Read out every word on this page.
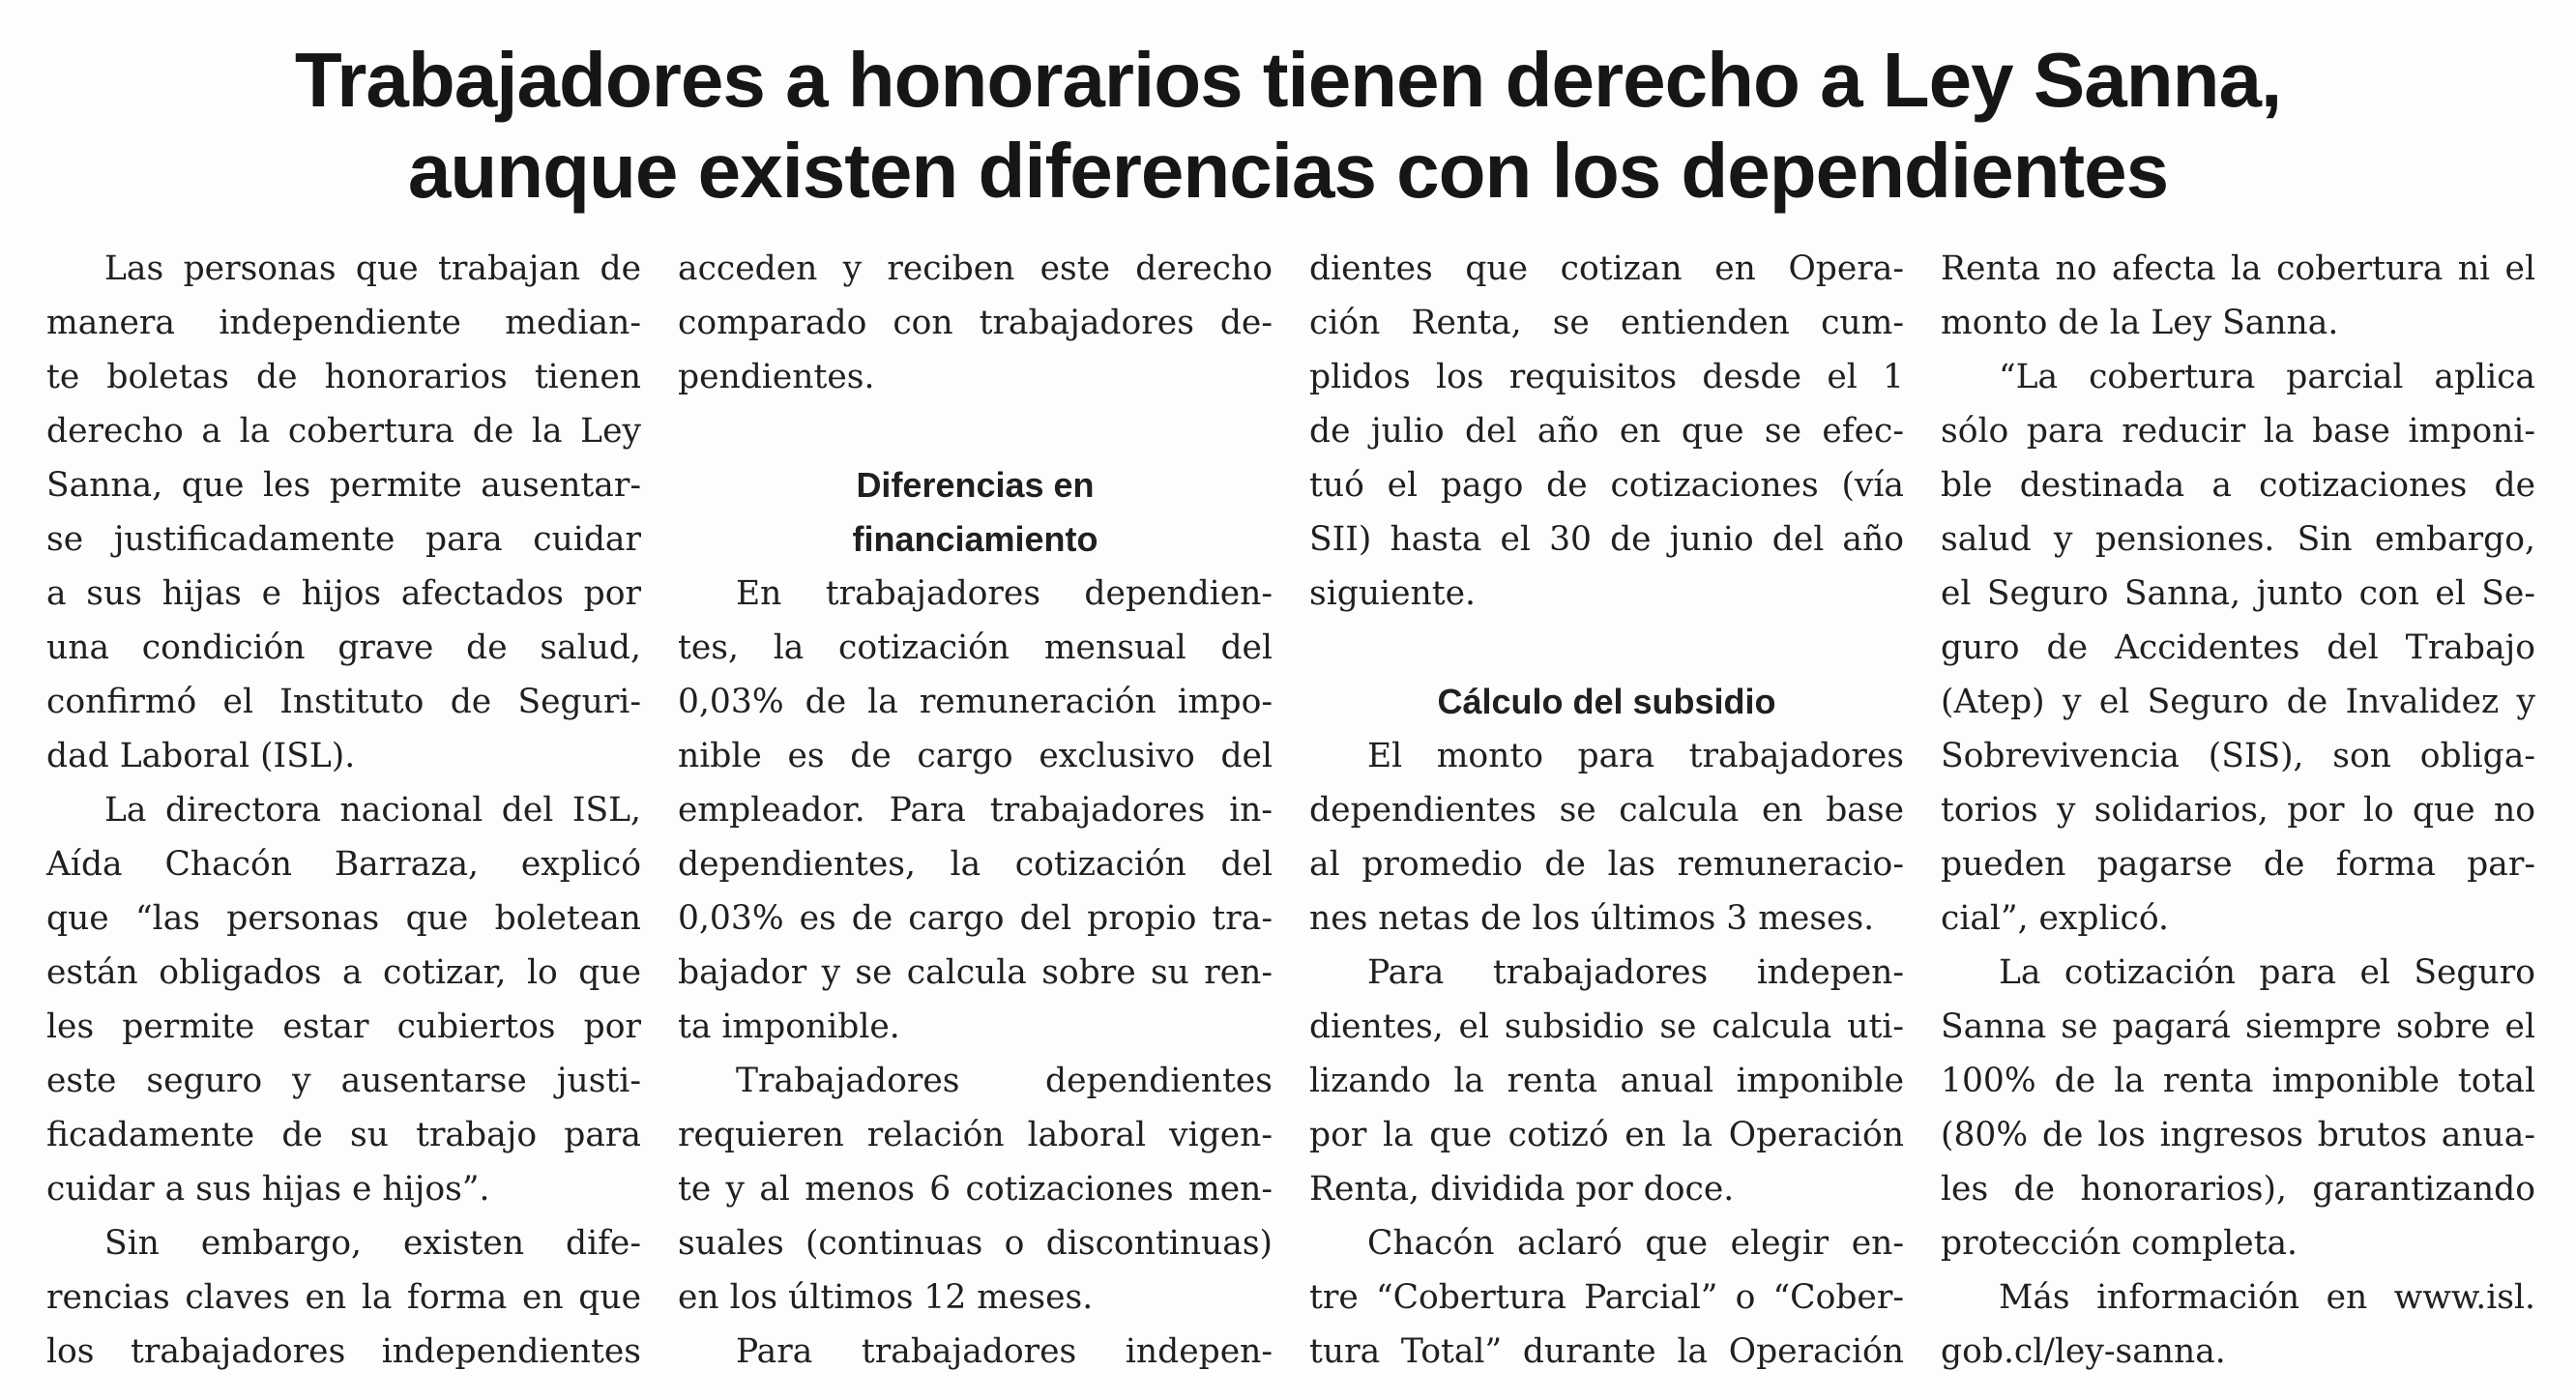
Trabajadores a honorarios tienen derecho a Ley Sanna,
aunque existen diferencias con los dependientes
Las personas que trabajan de
manera independiente median-
te boletas de honorarios tienen
derecho a la cobertura de la Ley
Sanna, que les permite ausentar-
se justificadamente para cuidar
a sus hijas e hijos afectados por
una condición grave de salud,
confirmó el Instituto de Seguri-
dad Laboral (ISL).
La directora nacional del ISL,
Aída Chacón Barraza, explicó
que “las personas que boletean
están obligados a cotizar, lo que
les permite estar cubiertos por
este seguro y ausentarse justi-
ficadamente de su trabajo para
cuidar a sus hijas e hijos”.
Sin embargo, existen dife-
rencias claves en la forma en que
los trabajadores independientes
acceden y reciben este derecho
comparado con trabajadores de-
pendientes.
Diferencias en
financiamiento
En trabajadores dependien-
tes, la cotización mensual del
0,03% de la remuneración impo-
nible es de cargo exclusivo del
empleador. Para trabajadores in-
dependientes, la cotización del
0,03% es de cargo del propio tra-
bajador y se calcula sobre su ren-
ta imponible.
Trabajadores dependientes
requieren relación laboral vigen-
te y al menos 6 cotizaciones men-
suales (continuas o discontinuas)
en los últimos 12 meses.
Para trabajadores indepen-
dientes que cotizan en Opera-
ción Renta, se entienden cum-
plidos los requisitos desde el 1
de julio del año en que se efec-
tuó el pago de cotizaciones (vía
SII) hasta el 30 de junio del año
siguiente.
Cálculo del subsidio
El monto para trabajadores
dependientes se calcula en base
al promedio de las remuneracio-
nes netas de los últimos 3 meses.
Para trabajadores indepen-
dientes, el subsidio se calcula uti-
lizando la renta anual imponible
por la que cotizó en la Operación
Renta, dividida por doce.
Chacón aclaró que elegir en-
tre “Cobertura Parcial” o “Cober-
tura Total” durante la Operación
Renta no afecta la cobertura ni el
monto de la Ley Sanna.
“La cobertura parcial aplica
sólo para reducir la base imponi-
ble destinada a cotizaciones de
salud y pensiones. Sin embargo,
el Seguro Sanna, junto con el Se-
guro de Accidentes del Trabajo
(Atep) y el Seguro de Invalidez y
Sobrevivencia (SIS), son obliga-
torios y solidarios, por lo que no
pueden pagarse de forma par-
cial”, explicó.
La cotización para el Seguro
Sanna se pagará siempre sobre el
100% de la renta imponible total
(80% de los ingresos brutos anua-
les de honorarios), garantizando
protección completa.
Más información en www.isl.
gob.cl/ley-sanna.
